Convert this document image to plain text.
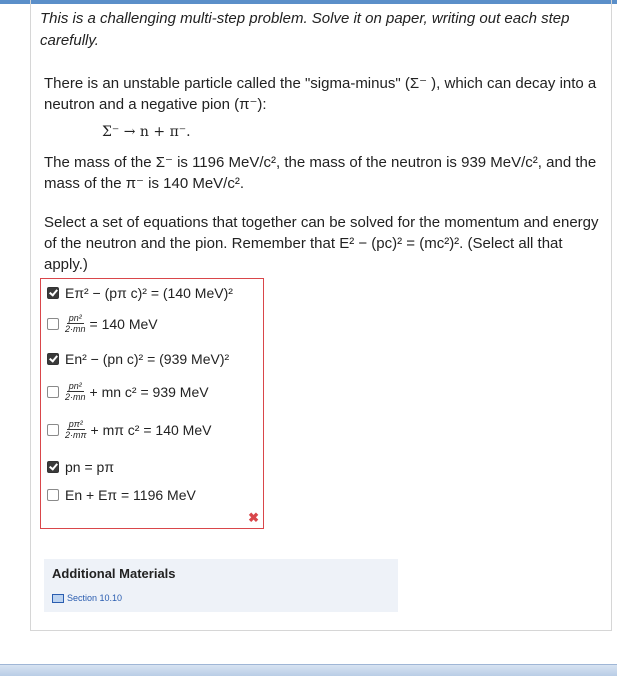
This is a challenging multi-step problem. Solve it on paper, writing out each step carefully.

There is an unstable particle called the "sigma-minus" (Σ⁻ ), which can decay into a neutron and a negative pion (π⁻):

Σ⁻ → n + π⁻.
The mass of the Σ⁻ is 1196 MeV/c², the mass of the neutron is 939 MeV/c², and the mass of the π⁻ is 140 MeV/c².
Select a set of equations that together can be solved for the momentum and energy of the neutron and the pion. Remember that E² − (pc)² = (mc²)². (Select all that apply.)
Eπ² − (pπ c)² = (140 MeV)²
$\frac{\text{pn²}}{2\cdot mn} = 140$ MeV
En² − (pn c)² = (939 MeV)²
$\frac{\text{pn²}}{2\cdot mn}$ + mn c² = 939 MeV
$\frac{\text{pπ²}}{2\cdot m\pi} + m\pi$ c² = 140 MeV
pn = pπ
En + Eπ = 1196 MeV
✖
Additional Materials
Section 10.10
